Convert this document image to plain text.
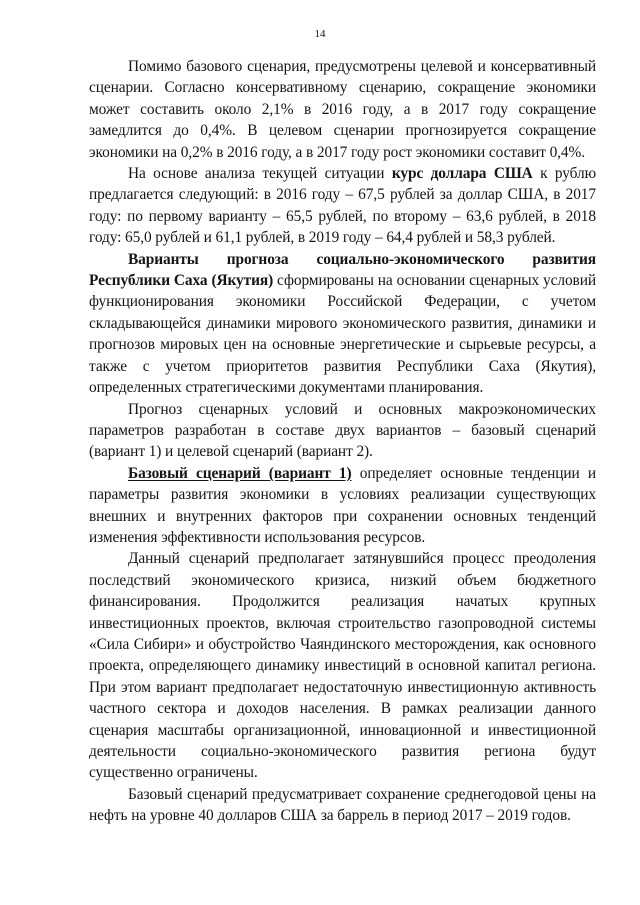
14

Помимо базового сценария, предусмотрены целевой и консервативный сценарии. Согласно консервативному сценарию, сокращение экономики может составить около 2,1% в 2016 году, а в 2017 году сокращение замедлится до 0,4%. В целевом сценарии прогнозируется сокращение экономики на 0,2% в 2016 году, а в 2017 году рост экономики составит 0,4%.

На основе анализа текущей ситуации курс доллара США к рублю предлагается следующий: в 2016 году – 67,5 рублей за доллар США, в 2017 году: по первому варианту – 65,5 рублей, по второму – 63,6 рублей, в 2018 году: 65,0 рублей и 61,1 рублей, в 2019 году – 64,4 рублей и 58,3 рублей.

Варианты прогноза социально-экономического развития Республики Саха (Якутия) сформированы на основании сценарных условий функционирования экономики Российской Федерации, с учетом складывающейся динамики мирового экономического развития, динамики и прогнозов мировых цен на основные энергетические и сырьевые ресурсы, а также с учетом приоритетов развития Республики Саха (Якутия), определенных стратегическими документами планирования.

Прогноз сценарных условий и основных макроэкономических параметров разработан в составе двух вариантов – базовый сценарий (вариант 1) и целевой сценарий (вариант 2).

Базовый сценарий (вариант 1) определяет основные тенденции и параметры развития экономики в условиях реализации существующих внешних и внутренних факторов при сохранении основных тенденций изменения эффективности использования ресурсов.

Данный сценарий предполагает затянувшийся процесс преодоления последствий экономического кризиса, низкий объем бюджетного финансирования. Продолжится реализация начатых крупных инвестиционных проектов, включая строительство газопроводной системы «Сила Сибири» и обустройство Чаяндинского месторождения, как основного проекта, определяющего динамику инвестиций в основной капитал региона. При этом вариант предполагает недостаточную инвестиционную активность частного сектора и доходов населения. В рамках реализации данного сценария масштабы организационной, инновационной и инвестиционной деятельности социально-экономического развития региона будут существенно ограничены.

Базовый сценарий предусматривает сохранение среднегодовой цены на нефть на уровне 40 долларов США за баррель в период 2017 – 2019 годов.
